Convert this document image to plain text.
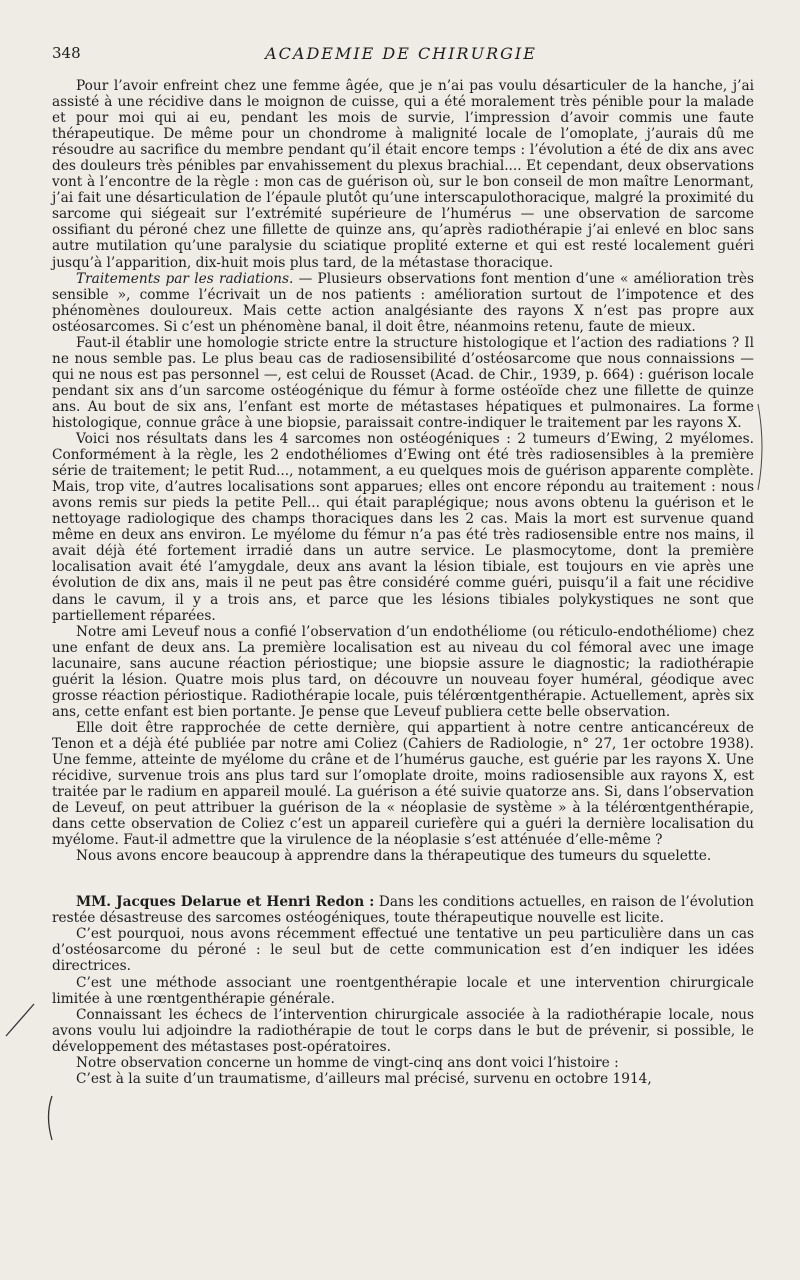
348	ACADEMIE DE CHIRURGIE

Pour l’avoir enfreint chez une femme âgée, que je n’ai pas voulu désarticuler de la hanche, j’ai assisté à une récidive dans le moignon de cuisse, qui a été moralement très pénible pour la malade et pour moi qui ai eu, pendant les mois de survie, l’impression d’avoir commis une faute thérapeutique. De même pour un chondrome à malignité locale de l’omoplate, j’aurais dû me résoudre au sacrifice du membre pendant qu’il était encore temps : l’évolution a été de dix ans avec des douleurs très pénibles par envahissement du plexus brachial.... Et cependant, deux observations vont à l’encontre de la règle : mon cas de guérison où, sur le bon conseil de mon maître Lenormant, j’ai fait une désarticulation de l’épaule plutôt qu’une interscapulothoracique, malgré la proximité du sarcome qui siégeait sur l’extrémité supérieure de l’humérus — une observation de sarcome ossifiant du péroné chez une fillette de quinze ans, qu’après radiothérapie j’ai enlevé en bloc sans autre mutilation qu’une paralysie du sciatique proplité externe et qui est resté localement guéri jusqu’à l’apparition, dix-huit mois plus tard, de la métastase thoracique.

Traitements par les radiations. — Plusieurs observations font mention d’une « amélioration très sensible », comme l’écrivait un de nos patients : amélioration surtout de l’impotence et des phénomènes douloureux. Mais cette action analgésiante des rayons X n’est pas propre aux ostéosarcomes. Si c’est un phénomène banal, il doit être, néanmoins retenu, faute de mieux.

Faut-il établir une homologie stricte entre la structure histologique et l’action des radiations ? Il ne nous semble pas. Le plus beau cas de radiosensibilité d’ostéosarcome que nous connaissions — qui ne nous est pas personnel —, est celui de Rousset (Acad. de Chir., 1939, p. 664) : guérison locale pendant six ans d’un sarcome ostéogénique du fémur à forme ostéoïde chez une fillette de quinze ans. Au bout de six ans, l’enfant est morte de métastases hépatiques et pulmonaires. La forme histologique, connue grâce à une biopsie, paraissait contre-indiquer le traitement par les rayons X.

Voici nos résultats dans les 4 sarcomes non ostéogéniques : 2 tumeurs d’Ewing, 2 myélomes. Conformément à la règle, les 2 endothéliomes d’Ewing ont été très radiosensibles à la première série de traitement; le petit Rud..., notamment, a eu quelques mois de guérison apparente complète. Mais, trop vite, d’autres localisations sont apparues; elles ont encore répondu au traitement : nous avons remis sur pieds la petite Pell... qui était paraplégique; nous avons obtenu la guérison et le nettoyage radiologique des champs thoraciques dans les 2 cas. Mais la mort est survenue quand même en deux ans environ. Le myélome du fémur n’a pas été très radiosensible entre nos mains, il avait déjà été fortement irradié dans un autre service. Le plasmocytome, dont la première localisation avait été l’amygdale, deux ans avant la lésion tibiale, est toujours en vie après une évolution de dix ans, mais il ne peut pas être considéré comme guéri, puisqu’il a fait une récidive dans le cavum, il y a trois ans, et parce que les lésions tibiales polykystiques ne sont que partiellement réparées.

Notre ami Leveuf nous a confié l’observation d’un endothéliome (ou réticulo-endothéliome) chez une enfant de deux ans. La première localisation est au niveau du col fémoral avec une image lacunaire, sans aucune réaction périostique; une biopsie assure le diagnostic; la radiothérapie guérit la lésion. Quatre mois plus tard, on découvre un nouveau foyer huméral, géodique avec grosse réaction périostique. Radiothérapie locale, puis télérœntgenthérapie. Actuellement, après six ans, cette enfant est bien portante. Je pense que Leveuf publiera cette belle observation.

Elle doit être rapprochée de cette dernière, qui appartient à notre centre anticancéreux de Tenon et a déjà été publiée par notre ami Coliez (Cahiers de Radiologie, n° 27, 1er octobre 1938). Une femme, atteinte de myélome du crâne et de l’humérus gauche, est guérie par les rayons X. Une récidive, survenue trois ans plus tard sur l’omoplate droite, moins radiosensible aux rayons X, est traitée par le radium en appareil moulé. La guérison a été suivie quatorze ans. Si, dans l’observation de Leveuf, on peut attribuer la guérison de la « néoplasie de système » à la télérœntgenthérapie, dans cette observation de Coliez c’est un appareil curiefère qui a guéri la dernière localisation du myélome. Faut-il admettre que la virulence de la néoplasie s’est atténuée d’elle-même ?

Nous avons encore beaucoup à apprendre dans la thérapeutique des tumeurs du squelette.

MM. Jacques Delarue et Henri Redon : Dans les conditions actuelles, en raison de l’évolution restée désastreuse des sarcomes ostéogéniques, toute thérapeutique nouvelle est licite.

C’est pourquoi, nous avons récemment effectué une tentative un peu particulière dans un cas d’ostéosarcome du péroné : le seul but de cette communication est d’en indiquer les idées directrices.

C’est une méthode associant une roentgenthérapie locale et une intervention chirurgicale limitée à une rœntgenthérapie générale.

Connaissant les échecs de l’intervention chirurgicale associée à la radiothérapie locale, nous avons voulu lui adjoindre la radiothérapie de tout le corps dans le but de prévenir, si possible, le développement des métastases post-opératoires.

Notre observation concerne un homme de vingt-cinq ans dont voici l’histoire :

C’est à la suite d’un traumatisme, d’ailleurs mal précisé, survenu en octobre 1914,
